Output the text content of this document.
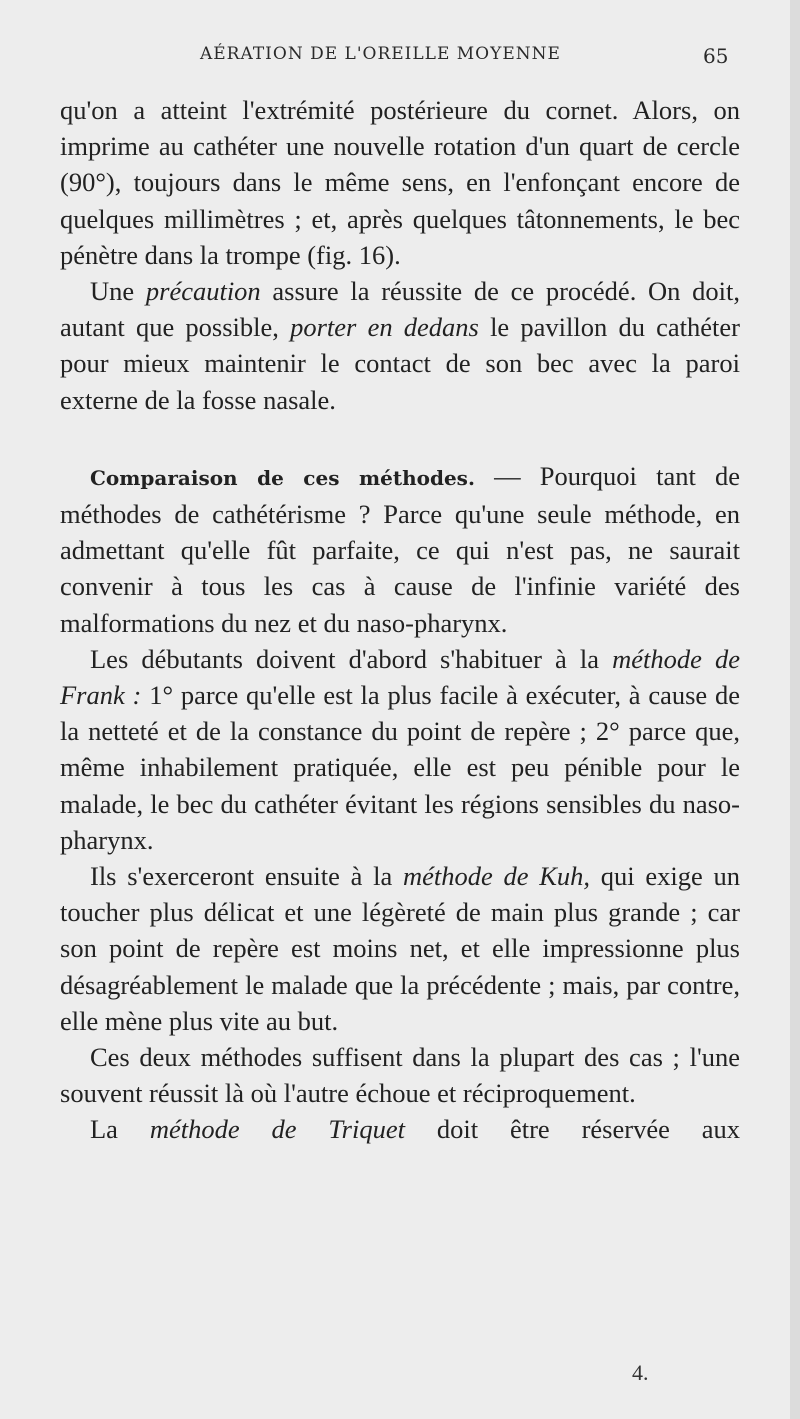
AÉRATION DE L'OREILLE MOYENNE	65

qu'on a atteint l'extrémité postérieure du cornet. Alors, on imprime au cathéter une nouvelle rotation d'un quart de cercle (90°), toujours dans le même sens, en l'enfonçant encore de quelques millimètres ; et, après quelques tâtonnements, le bec pénètre dans la trompe (fig. 16).

Une précaution assure la réussite de ce procédé. On doit, autant que possible, porter en dedans le pavillon du cathéter pour mieux maintenir le contact de son bec avec la paroi externe de la fosse nasale.

Comparaison de ces méthodes. — Pourquoi tant de méthodes de cathétérisme ? Parce qu'une seule méthode, en admettant qu'elle fût parfaite, ce qui n'est pas, ne saurait convenir à tous les cas à cause de l'infinie variété des malformations du nez et du naso-pharynx.

Les débutants doivent d'abord s'habituer à la méthode de Frank : 1° parce qu'elle est la plus facile à exécuter, à cause de la netteté et de la constance du point de repère ; 2° parce que, même inhabilement pratiquée, elle est peu pénible pour le malade, le bec du cathéter évitant les régions sensibles du naso-pharynx.

Ils s'exerceront ensuite à la méthode de Kuh, qui exige un toucher plus délicat et une légèreté de main plus grande ; car son point de repère est moins net, et elle impressionne plus désagréablement le malade que la précédente ; mais, par contre, elle mène plus vite au but.

Ces deux méthodes suffisent dans la plupart des cas ; l'une souvent réussit là où l'autre échoue et réciproquement.

La méthode de Triquet doit être réservée aux

4.
